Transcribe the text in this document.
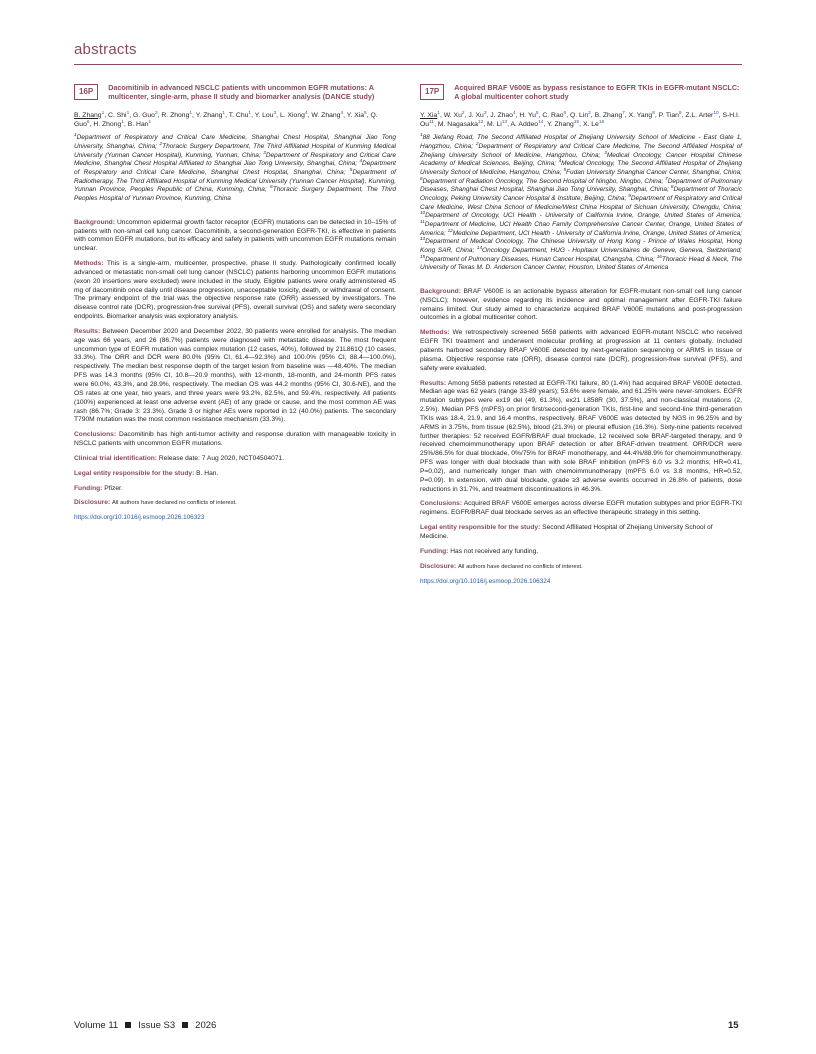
abstracts
16P	Dacomitinib in advanced NSCLC patients with uncommon EGFR mutations: A multicenter, single-arm, phase II study and biomarker analysis (DANCE study)
B. Zhang$^1$, C. Shi$^1$, G. Guo$^2$, R. Zhong$^1$, Y. Zhang$^1$, T. Chu$^1$, Y. Lou$^3$, L. Xiong$^4$, W. Zhang$^4$, Y. Xia$^5$, Q. Guo$^6$, H. Zhong$^1$, B. Han$^1$
$^1$Department of Respiratory and Critical Care Medicine, Shanghai Chest Hospital, Shanghai Jiao Tong University, Shanghai, China; $^2$Thoracic Surgery Department, The Third Affiliated Hospital of Kunming Medical University (Yunnan Cancer Hospital), Kunming, Yunnan, China; $^3$Department of Respiratory and Critical Care Medicine, Shanghai Chest Hospital Affiliated to Shanghai Jiao Tong University, Shanghai, China; $^4$Department of Respiratory and Critical Care Medicine, Shanghai Chest Hospital, Shanghai, China; $^5$Department of Radiotherapy, The Third Affiliated Hospital of Kunming Medical University (Yunnan Cancer Hospital), Kunming, Yunnan Province, Peoples Republic of China, Kunming, China; $^6$Thoracic Surgery Department, The Third Peoples Hospital of Yunnan Province, Kunming, China
Background: Uncommon epidermal growth factor receptor (EGFR) mutations can be detected in 10–15% of patients with non-small cell lung cancer. Dacomitinib, a second-generation EGFR-TKI, is effective in patients with common EGFR mutations, but its efficacy and safety in patients with uncommon EGFR mutations remain unclear.
Methods: This is a single-arm, multicenter, prospective, phase II study. Pathologically confirmed locally advanced or metastatic non-small cell lung cancer (NSCLC) patients harboring uncommon EGFR mutations (exon 20 insertions were excluded) were included in the study. Eligible patients were orally administered 45 mg of dacomitinib once daily until disease progression, unacceptable toxicity, death, or withdrawal of consent. The primary endpoint of the trial was the objective response rate (ORR) assessed by investigators. The disease control rate (DCR), progression-free survival (PFS), overall survival (OS) and safety were secondary endpoints. Biomarker analysis was exploratory analysis.
Results: Between December 2020 and December 2022, 30 patients were enrolled for analysis. The median age was 66 years, and 26 (86.7%) patients were diagnosed with metastatic disease. The most frequent uncommon type of EGFR mutation was complex mutation (12 cases, 40%), followed by 21L861Q (10 cases, 33.3%). The ORR and DCR were 80.0% (95% CI, 61.4—92.3%) and 100.0% (95% CI, 88.4—100.0%), respectively. The median best response depth of the target lesion from baseline was —48.40%. The median PFS was 14.3 months (95% CI, 10.8—20.9 months), with 12-month, 18-month, and 24-month PFS rates were 60.0%, 43.3%, and 28.9%, respectively. The median OS was 44.2 months (95% CI, 30.6-NE), and the OS rates at one year, two years, and three years were 93.2%, 82.5%, and 59.4%, respectively. All patients (100%) experienced at least one adverse event (AE) of any grade or cause, and the most common AE was rash (86.7%; Grade 3: 23.3%). Grade 3 or higher AEs were reported in 12 (40.0%) patients. The secondary T790M mutation was the most common resistance mechanism (33.3%).
Conclusions: Dacomitinib has high anti-tumor activity and response duration with manageable toxicity in NSCLC patients with uncommon EGFR mutations.
Clinical trial identification: Release date: 7 Aug 2020, NCT04504071.
Legal entity responsible for the study: B. Han.
Funding: Pfizer.
Disclosure: All authors have declared no conflicts of interest.
https://doi.org/10.1016/j.esmoop.2026.106323
17P	Acquired BRAF V600E as bypass resistance to EGFR TKIs in EGFR-mutant NSCLC: A global multicenter cohort study
Y. Xia$^1$, W. Xu$^2$, J. Xu$^3$, J. Zhao$^4$, H. Yu$^5$, C. Rao$^6$, Q. Lin$^2$, B. Zhang$^7$, X. Yang$^8$, P. Tian$^9$, Z.L. Arter$^{10}$, S-H.I. Ou$^{11}$, M. Nagasaka$^{12}$, M. Li$^{13}$, A. Addeo$^{14}$, Y. Zhang$^{15}$, X. Le$^{16}$
$^1$88 Jiefang Road, The Second Affiliated Hospital of Zhejiang University School of Medicine - East Gate 1, Hangzhou, China; $^2$Department of Respiratory and Critical Care Medicine, The Second Affiliated Hospital of Zhejiang University School of Medicine, Hangzhou, China; $^3$Medical Oncology, Cancer Hospital Chinese Academy of Medical Sciences, Beijing, China; $^4$Medical Oncology, The Second Affiliated Hospital of Zhejiang University School of Medicine, Hangzhou, China; $^5$Fudan University Shanghai Cancer Center, Shanghai, China; $^6$Department of Radiation Oncology, The Second Hospital of Ningbo, Ningbo, China; $^7$Department of Pulmonary Diseases, Shanghai Chest Hospital, Shanghai Jiao Tong University, Shanghai, China; $^8$Department of Thoracic Oncology, Peking University Cancer Hospital & Institute, Beijing, China; $^9$Department of Respiratory and Critical Care Medicine, West China School of Medicine/West China Hospital of Sichuan University, Chengdu, China; $^{10}$Department of Oncology, UCI Health - University of California Irvine, Orange, United States of America; $^{11}$Department of Medicine, UCI Health Chao Family Comprehensive Cancer Center, Orange, United States of America; $^{12}$Medicine Department, UCI Health - University of California Irvine, Orange, United States of America; $^{13}$Department of Medical Oncology, The Chinese University of Hong Kong - Prince of Wales Hospital, Hong Kong SAR, China; $^{14}$Oncology Department, HUG - Hopitaux Universitaires de Geneve, Geneva, Switzerland; $^{15}$Department of Pulmonary Diseases, Hunan Cancer Hospital, Changsha, China; $^{16}$Thoracic Head & Neck, The University of Texas M. D. Anderson Cancer Center, Houston, United States of America
Background: BRAF V600E is an actionable bypass alteration for EGFR-mutant non-small cell lung cancer (NSCLC); however, evidence regarding its incidence and optimal management after EGFR-TKI failure remains limited. Our study aimed to characterize acquired BRAF V600E mutations and post-progression outcomes in a global multicenter cohort.
Methods: We retrospectively screened 5658 patients with advanced EGFR-mutant NSCLC who received EGFR TKI treatment and underwent molecular profiling at progression at 11 centers globally. Included patients harbored secondary BRAF V600E detected by next-generation sequencing or ARMS in tissue or plasma. Objective response rate (ORR), disease control rate (DCR), progression-free survival (PFS), and safety were evaluated.
Results: Among 5658 patients retested at EGFR-TKI failure, 80 (1.4%) had acquired BRAF V600E detected. Median age was 62 years (range 33-89 years); 53.6% were female, and 61.25% were never-smokers. EGFR mutation subtypes were ex19 del (49, 61.3%), ex21 L858R (30, 37.5%), and non-classical mutations (2, 2.5%). Median PFS (mPFS) on prior first/second-generation TKIs, first-line and second-line third-generation TKIs was 18.4, 21.9, and 16.4 months, respectively. BRAF V600E was detected by NGS in 96.25% and by ARMS in 3.75%, from tissue (62.5%), blood (21.3%) or pleural effusion (16.3%). Sixty-nine patients received further therapies: 52 received EGFR/BRAF dual blockade, 12 received sole BRAF-targeted therapy, and 9 received chemoimmunotherapy upon BRAF detection or after BRAF-driven treatment. ORR/DCR were 25%/86.5% for dual blockade, 0%/75% for BRAF monotherapy, and 44.4%/88.9% for chemoimmunotherapy. PFS was longer with dual blockade than with sole BRAF inhibition (mPFS 6.0 vs 3.2 months; HR=0.41, P=0.02), and numerically longer than with chemoimmunotherapy (mPFS 6.0 vs 3.8 months, HR=0.52, P=0.09). In extension, with dual blockade, grade ≥3 adverse events occurred in 26.8% of patients, dose reductions in 31.7%, and treatment discontinuations in 46.3%.
Conclusions: Acquired BRAF V600E emerges across diverse EGFR mutation subtypes and prior EGFR-TKI regimens. EGFR/BRAF dual blockade serves as an effective therapeutic strategy in this setting.
Legal entity responsible for the study: Second Affiliated Hospital of Zhejiang University School of Medicine.
Funding: Has not received any funding.
Disclosure: All authors have declared no conflicts of interest.
https://doi.org/10.1016/j.esmoop.2026.106324
Volume 11 Issue S3 2026	15
